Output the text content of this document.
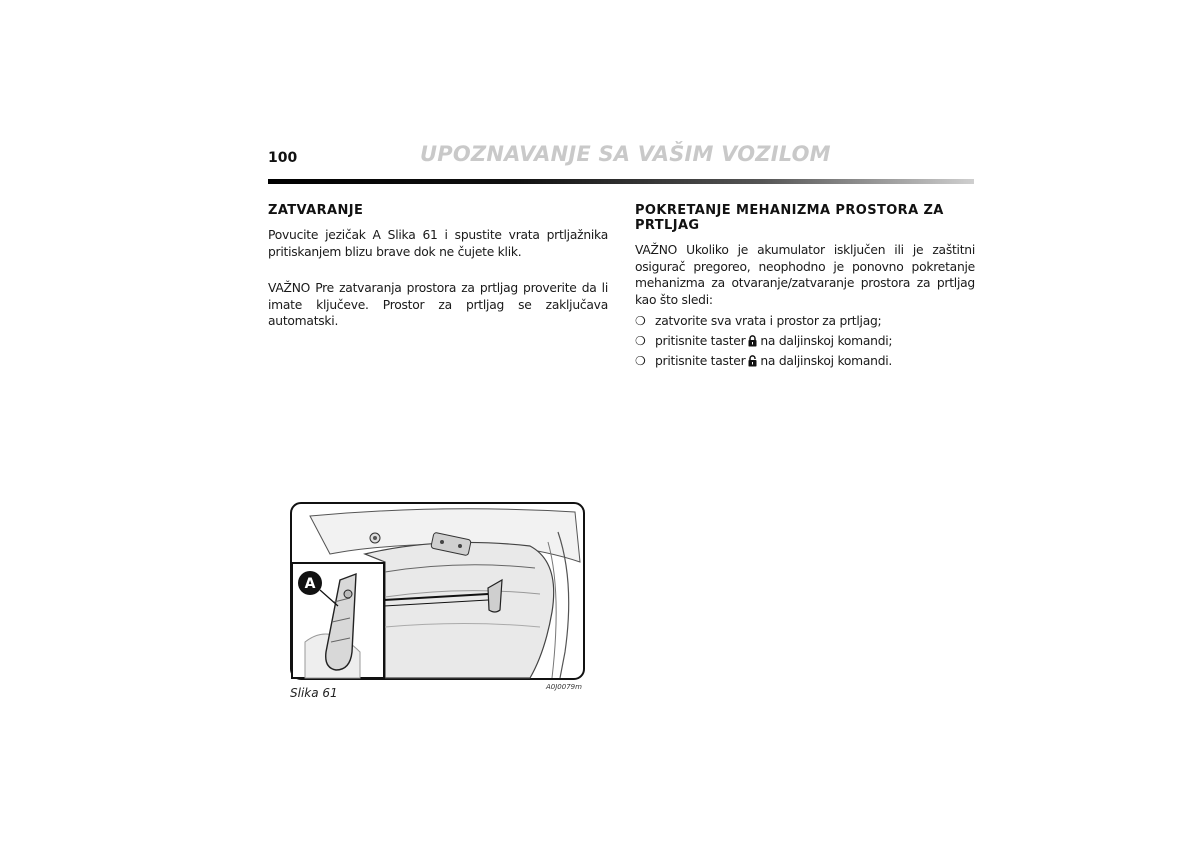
100	UPOZNAVANJE SA VAŠIM VOZILOM
ZATVARANJE

Povucite jezičak A Slika 61 i spustite vrata prtljažnika pritiskanjem blizu brave dok ne čujete klik.

VAŽNO Pre zatvaranja prostora za prtljag proverite da li imate ključeve. Prostor za prtljag se zaključava automatski.

POKRETANJE MEHANIZMA PROSTORA ZA PRTLJAG

VAŽNO Ukoliko je akumulator isključen ili je zaštitni osigurač pregoreo, neophodno je ponovno pokretanje mehanizma za otvaranje/zatvaranje prostora za prtljag kao što sledi:

❍ zatvorite sva vrata i prostor za prtljag;
❍ pritisnite taster na daljinskoj komandi;
❍ pritisnite taster na daljinskoj komandi.
A
Slika 61	A0J0079m
